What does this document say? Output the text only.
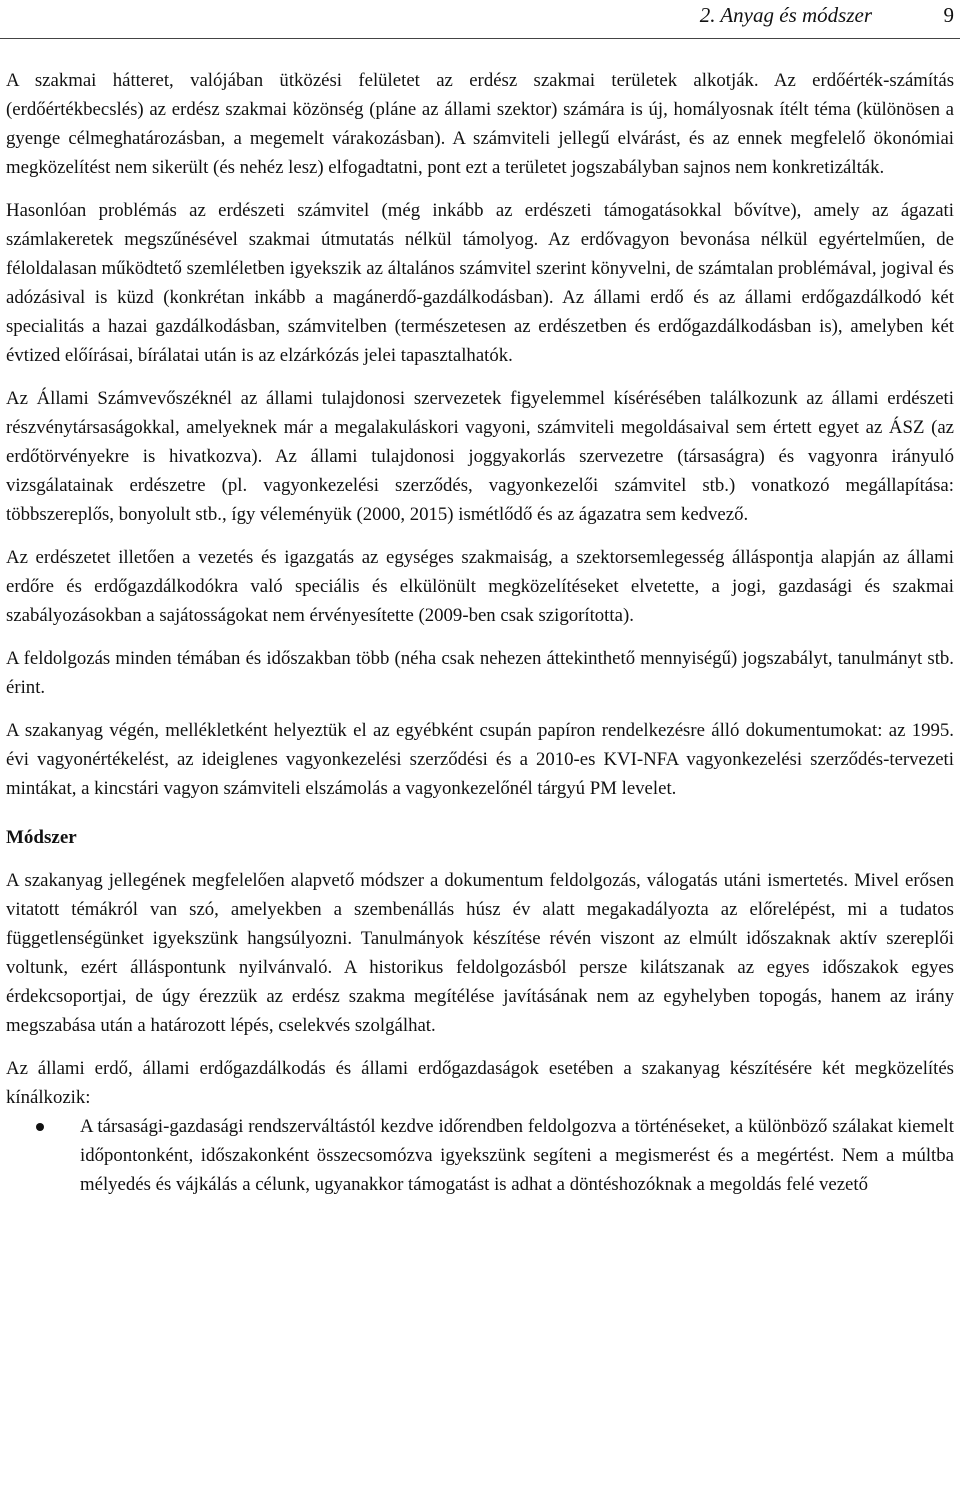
2. Anyag és módszer	9

A szakmai hátteret, valójában ütközési felületet az erdész szakmai területek alkotják. Az erdőérték-számítás (erdőértékbecslés) az erdész szakmai közönség (pláne az állami szektor) számára is új, homályosnak ítélt téma (különösen a gyenge célmeghatározásban, a megemelt várakozásban). A számviteli jellegű elvárást, és az ennek megfelelő ökonómiai megközelítést nem sikerült (és nehéz lesz) elfogadtatni, pont ezt a területet jogszabályban sajnos nem konkretizálták.

Hasonlóan problémás az erdészeti számvitel (még inkább az erdészeti támogatásokkal bővítve), amely az ágazati számlakeretek megszűnésével szakmai útmutatás nélkül támolyog. Az erdővagyon bevonása nélkül egyértelműen, de féloldalasan működtető szemléletben igyekszik az általános számvitel szerint könyvelni, de számtalan problémával, jogival és adózásival is küzd (konkrétan inkább a magánerdő-gazdálkodásban). Az állami erdő és az állami erdőgazdálkodó két specialitás a hazai gazdálkodásban, számvitelben (természetesen az erdészetben és erdőgazdálkodásban is), amelyben két évtized előírásai, bírálatai után is az elzárkózás jelei tapasztalhatók.

Az Állami Számvevőszéknél az állami tulajdonosi szervezetek figyelemmel kísérésében találkozunk az állami erdészeti részvénytársaságokkal, amelyeknek már a megalakuláskori vagyoni, számviteli megoldásaival sem értett egyet az ÁSZ (az erdőtörvényekre is hivatkozva). Az állami tulajdonosi joggyakorlás szervezetre (társaságra) és vagyonra irányuló vizsgálatainak erdészetre (pl. vagyonkezelési szerződés, vagyonkezelői számvitel stb.) vonatkozó megállapítása: többszereplős, bonyolult stb., így véleményük (2000, 2015) ismétlődő és az ágazatra sem kedvező.

Az erdészetet illetően a vezetés és igazgatás az egységes szakmaiság, a szektorsemlegesség álláspontja alapján az állami erdőre és erdőgazdálkodókra való speciális és elkülönült megközelítéseket elvetette, a jogi, gazdasági és szakmai szabályozásokban a sajátosságokat nem érvényesítette (2009-ben csak szigorította).

A feldolgozás minden témában és időszakban több (néha csak nehezen áttekinthető mennyiségű) jogszabályt, tanulmányt stb. érint.

A szakanyag végén, mellékletként helyeztük el az egyébként csupán papíron rendelkezésre álló dokumentumokat: az 1995. évi vagyonértékelést, az ideiglenes vagyonkezelési szerződési és a 2010-es KVI-NFA vagyonkezelési szerződés-tervezeti mintákat, a kincstári vagyon számviteli elszámolás a vagyonkezelőnél tárgyú PM levelet.

Módszer

A szakanyag jellegének megfelelően alapvető módszer a dokumentum feldolgozás, válogatás utáni ismertetés. Mivel erősen vitatott témákról van szó, amelyekben a szembenállás húsz év alatt megakadályozta az előrelépést, mi a tudatos függetlenségünket igyekszünk hangsúlyozni. Tanulmányok készítése révén viszont az elmúlt időszaknak aktív szereplői voltunk, ezért álláspontunk nyilvánvaló. A historikus feldolgozásból persze kilátszanak az egyes időszakok egyes érdekcsoportjai, de úgy érezzük az erdész szakma megítélése javításának nem az egyhelyben topogás, hanem az irány megszabása után a határozott lépés, cselekvés szolgálhat.

Az állami erdő, állami erdőgazdálkodás és állami erdőgazdaságok esetében a szakanyag készítésére két megközelítés kínálkozik:

A társasági-gazdasági rendszerváltástól kezdve időrendben feldolgozva a történéseket, a különböző szálakat kiemelt időpontonként, időszakonként összecsomózva igyekszünk segíteni a megismerést és a megértést. Nem a múltba mélyedés és vájkálás a célunk, ugyanakkor támogatást is adhat a döntéshozóknak a megoldás felé vezető
